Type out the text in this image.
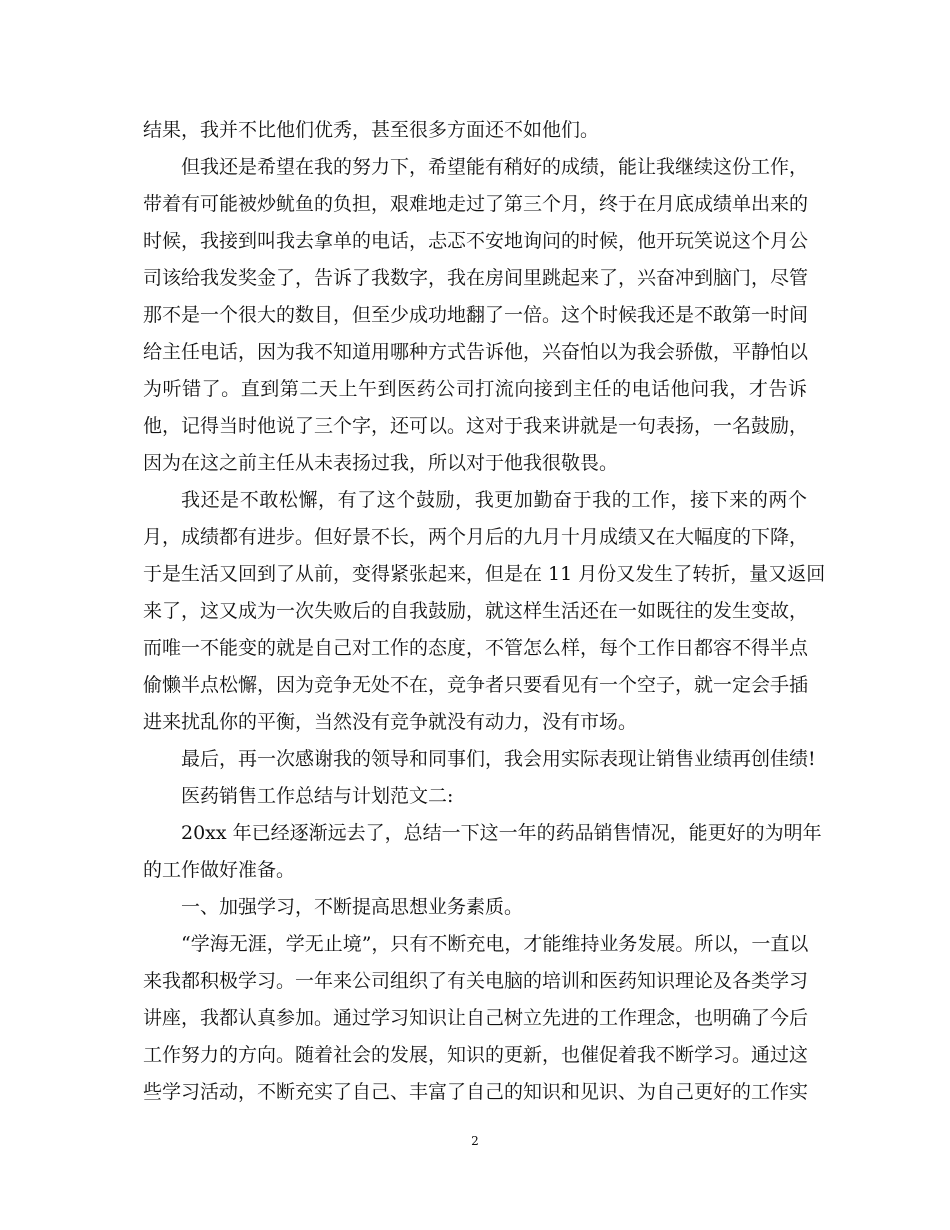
结果，我并不比他们优秀，甚至很多方面还不如他们。
但我还是希望在我的努力下，希望能有稍好的成绩，能让我继续这份工作，
带着有可能被炒鱿鱼的负担，艰难地走过了第三个月，终于在月底成绩单出来的
时候，我接到叫我去拿单的电话，忐忑不安地询问的时候，他开玩笑说这个月公
司该给我发奖金了，告诉了我数字，我在房间里跳起来了，兴奋冲到脑门，尽管
那不是一个很大的数目，但至少成功地翻了一倍。这个时候我还是不敢第一时间
给主任电话，因为我不知道用哪种方式告诉他，兴奋怕以为我会骄傲，平静怕以
为听错了。直到第二天上午到医药公司打流向接到主任的电话他问我，才告诉
他，记得当时他说了三个字，还可以。这对于我来讲就是一句表扬，一名鼓励，
因为在这之前主任从未表扬过我，所以对于他我很敬畏。
我还是不敢松懈，有了这个鼓励，我更加勤奋于我的工作，接下来的两个
月，成绩都有进步。但好景不长，两个月后的九月十月成绩又在大幅度的下降，
于是生活又回到了从前，变得紧张起来，但是在 11 月份又发生了转折，量又返回
来了，这又成为一次失败后的自我鼓励，就这样生活还在一如既往的发生变故，
而唯一不能变的就是自己对工作的态度，不管怎么样，每个工作日都容不得半点
偷懒半点松懈，因为竞争无处不在，竞争者只要看见有一个空子，就一定会手插
进来扰乱你的平衡，当然没有竞争就没有动力，没有市场。
最后，再一次感谢我的领导和同事们，我会用实际表现让销售业绩再创佳绩!
医药销售工作总结与计划范文二:
20xx 年已经逐渐远去了，总结一下这一年的药品销售情况，能更好的为明年
的工作做好准备。
一、加强学习，不断提高思想业务素质。
“学海无涯，学无止境”，只有不断充电，才能维持业务发展。所以，一直以
来我都积极学习。一年来公司组织了有关电脑的培训和医药知识理论及各类学习
讲座，我都认真参加。通过学习知识让自己树立先进的工作理念，也明确了今后
工作努力的方向。随着社会的发展，知识的更新，也催促着我不断学习。通过这
些学习活动，不断充实了自己、丰富了自己的知识和见识、为自己更好的工作实
2
